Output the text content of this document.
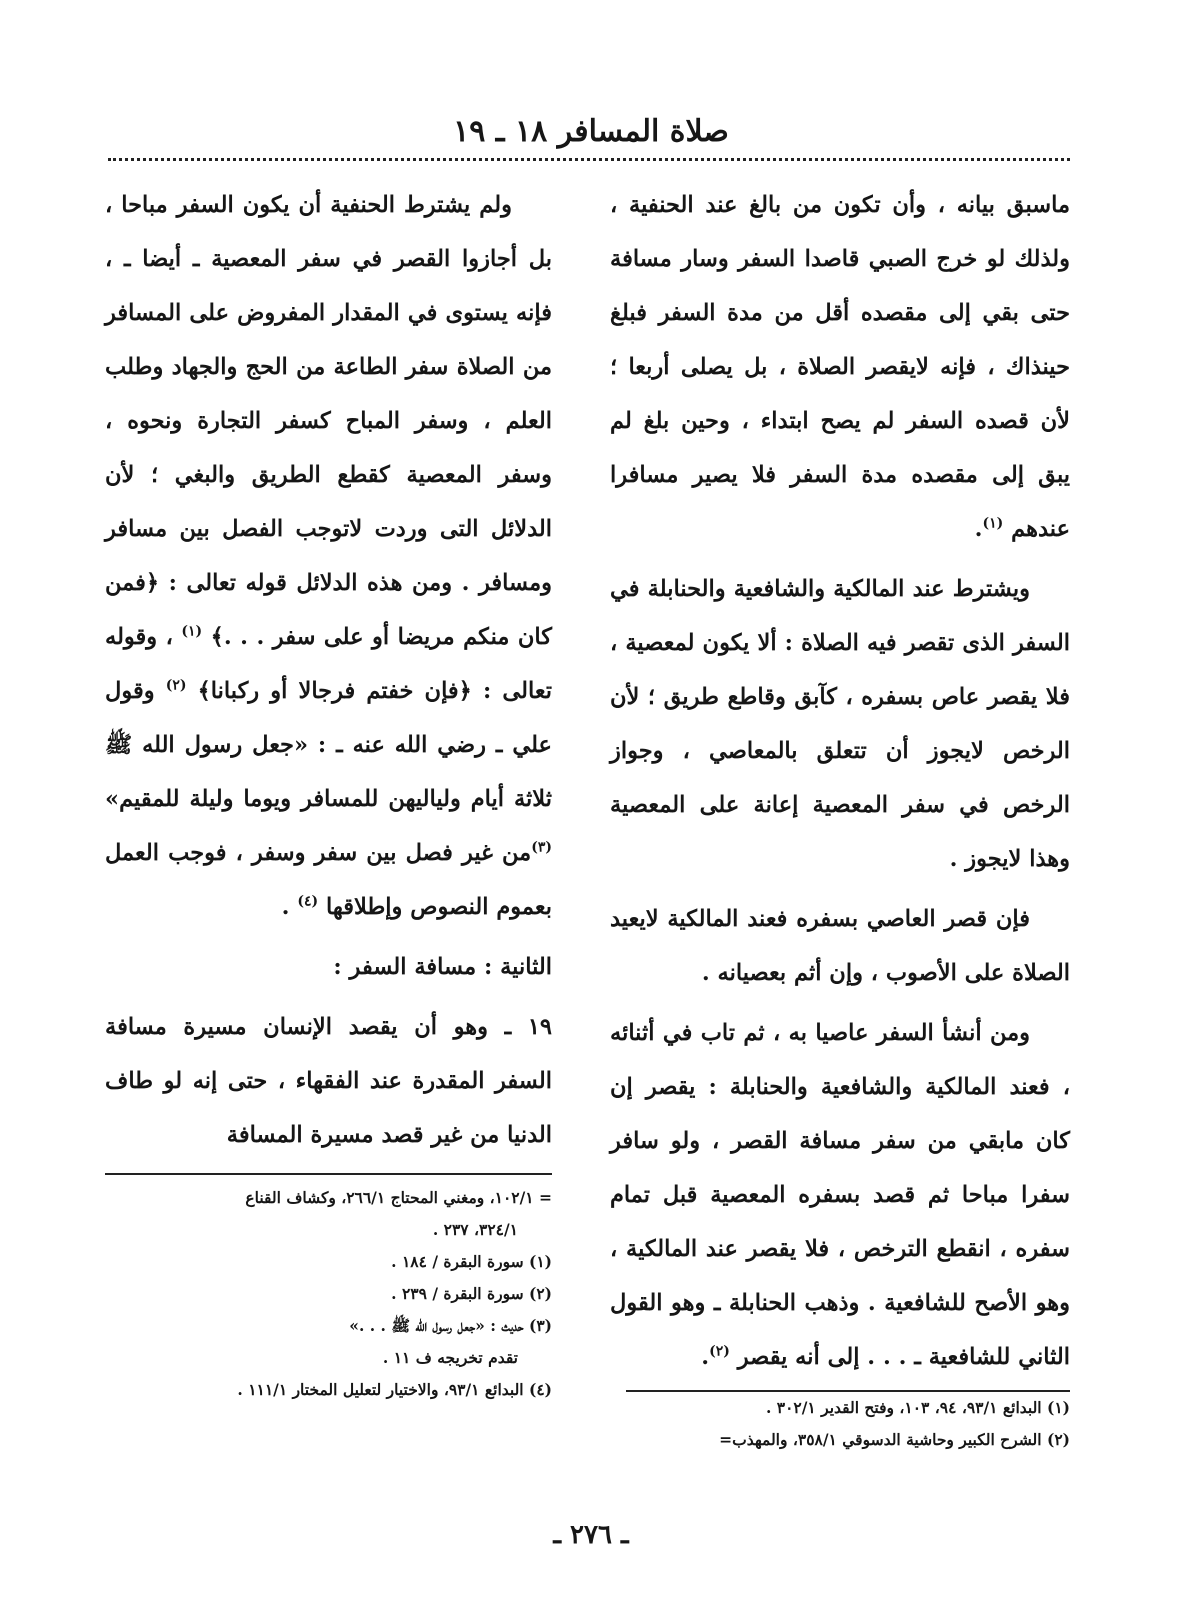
صلاة المسافر ١٨ ـ ١٩

ماسبق بيانه ، وأن تكون من بالغ عند الحنفية ، ولذلك لو خرج الصبي قاصدا السفر وسار مسافة حتى بقي إلى مقصده أقل من مدة السفر فبلغ حينذاك ، فإنه لايقصر الصلاة ، بل يصلى أربعا ؛ لأن قصده السفر لم يصح ابتداء ، وحين بلغ لم يبق إلى مقصده مدة السفر فلا يصير مسافرا عندهم $^{(١)}$.

ويشترط عند المالكية والشافعية والحنابلة في السفر الذى تقصر فيه الصلاة : ألا يكون لمعصية ، فلا يقصر عاص بسفره ، كآبق وقاطع طريق ؛ لأن الرخص لايجوز أن تتعلق بالمعاصي ، وجواز الرخص في سفر المعصية إعانة على المعصية وهذا لايجوز .

فإن قصر العاصي بسفره فعند المالكية لايعيد الصلاة على الأصوب ، وإن أثم بعصيانه .

ومن أنشأ السفر عاصيا به ، ثم تاب في أثنائه ، فعند المالكية والشافعية والحنابلة : يقصر إن كان مابقي من سفر مسافة القصر ، ولو سافر سفرا مباحا ثم قصد بسفره المعصية قبل تمام سفره ، انقطع الترخص ، فلا يقصر عند المالكية ، وهو الأصح للشافعية . وذهب الحنابلة ـ وهو القول الثاني للشافعية ـ . . . إلى أنه يقصر $^{(٢)}$.

ولم يشترط الحنفية أن يكون السفر مباحا ، بل أجازوا القصر في سفر المعصية ـ أيضا ـ ، فإنه يستوى في المقدار المفروض على المسافر من الصلاة سفر الطاعة من الحج والجهاد وطلب العلم ، وسفر المباح كسفر التجارة ونحوه ، وسفر المعصية كقطع الطريق والبغي ؛ لأن الدلائل التى وردت لاتوجب الفصل بين مسافر ومسافر . ومن هذه الدلائل قوله تعالى : ﴿فمن كان منكم مريضا أو على سفر . . .﴾ $^{(١)}$ ، وقوله تعالى : ﴿فإن خفتم فرجالا أو ركبانا﴾ $^{(٢)}$ وقول علي ـ رضي الله عنه ـ : «جعل رسول الله ﷺ ثلاثة أيام ولياليهن للمسافر ويوما وليلة للمقيم» $^{(٣)}$من غير فصل بين سفر وسفر ، فوجب العمل بعموم النصوص وإطلاقها $^{(٤)}$ .

الثانية : مسافة السفر :

١٩ ـ وهو أن يقصد الإنسان مسيرة مسافة السفر المقدرة عند الفقهاء ، حتى إنه لو طاف الدنيا من غير قصد مسيرة المسافة

= ١٠٢/١، ومغني المحتاج ٢٦٦/١، وكشاف القناع
٣٢٤/١، ٢٣٧ .
(١) سورة البقرة / ١٨٤ .
(٢) سورة البقرة / ٢٣٩ .
(٣) حديث : «جعل رسول الله ﷺ . . .»
تقدم تخريجه ف ١١ .
(٤) البدائع ٩٣/١، والاختيار لتعليل المختار ١١١/١ .
(١) البدائع ٩٣/١، ٩٤، ١٠٣، وفتح القدير ٣٠٢/١ .
(٢) الشرح الكبير وحاشية الدسوقي ٣٥٨/١، والمهذب=
ـ ٢٧٦ ـ
